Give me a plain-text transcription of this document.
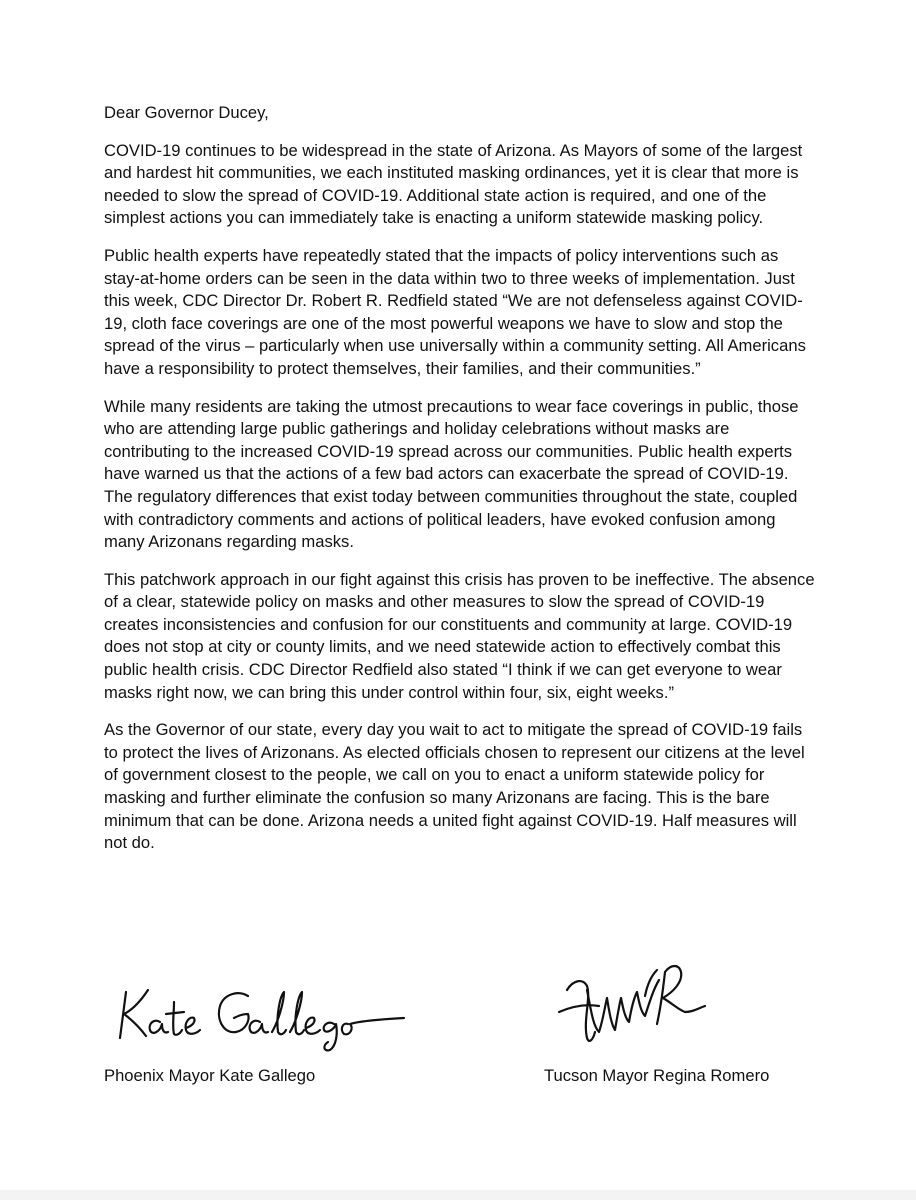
Dear Governor Ducey,

COVID-19 continues to be widespread in the state of Arizona. As Mayors of some of the largest and hardest hit communities, we each instituted masking ordinances, yet it is clear that more is needed to slow the spread of COVID-19. Additional state action is required, and one of the simplest actions you can immediately take is enacting a uniform statewide masking policy.

Public health experts have repeatedly stated that the impacts of policy interventions such as stay-at-home orders can be seen in the data within two to three weeks of implementation. Just this week, CDC Director Dr. Robert R. Redfield stated “We are not defenseless against COVID-19, cloth face coverings are one of the most powerful weapons we have to slow and stop the spread of the virus – particularly when use universally within a community setting. All Americans have a responsibility to protect themselves, their families, and their communities.”

While many residents are taking the utmost precautions to wear face coverings in public, those who are attending large public gatherings and holiday celebrations without masks are contributing to the increased COVID-19 spread across our communities. Public health experts have warned us that the actions of a few bad actors can exacerbate the spread of COVID-19. The regulatory differences that exist today between communities throughout the state, coupled with contradictory comments and actions of political leaders, have evoked confusion among many Arizonans regarding masks.

This patchwork approach in our fight against this crisis has proven to be ineffective. The absence of a clear, statewide policy on masks and other measures to slow the spread of COVID-19 creates inconsistencies and confusion for our constituents and community at large. COVID-19 does not stop at city or county limits, and we need statewide action to effectively combat this public health crisis. CDC Director Redfield also stated “I think if we can get everyone to wear masks right now, we can bring this under control within four, six, eight weeks.”

As the Governor of our state, every day you wait to act to mitigate the spread of COVID-19 fails to protect the lives of Arizonans. As elected officials chosen to represent our citizens at the level of government closest to the people, we call on you to enact a uniform statewide policy for masking and further eliminate the confusion so many Arizonans are facing. This is the bare minimum that can be done. Arizona needs a united fight against COVID-19. Half measures will not do.

Phoenix Mayor Kate Gallego	Tucson Mayor Regina Romero
